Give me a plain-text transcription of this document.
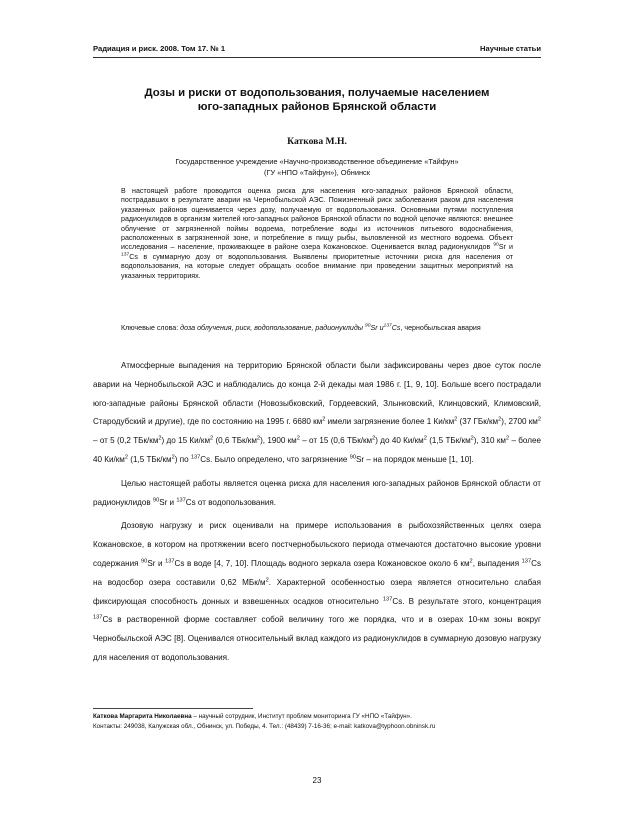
Радиация и риск. 2008. Том 17. № 1	Научные статьи
Дозы и риски от водопользования, получаемые населением
юго-западных районов Брянской области
Каткова М.Н.
Государственное учреждение «Научно-производственное объединение «Тайфун»
(ГУ «НПО «Тайфун»), Обнинск

В настоящей работе проводится оценка риска для населения юго-западных районов Брянской области, пострадавших в результате аварии на Чернобыльской АЭС. Пожизненный риск заболевания раком для населения указанных районов оценивается через дозу, получаемую от водопользования. Основными путями поступления радионуклидов в организм жителей юго-западных районов Брянской области по водной цепочке являются: внешнее облучение от загрязненной поймы водоема, потребление воды из источников питьевого водоснабжения, расположенных в загрязненной зоне, и потребление в пищу рыбы, выловленной из местного водоема. Объект исследования – население, проживающее в районе озера Кожановское. Оценивается вклад радионуклидов $^{90}$Sr и $^{137}$Cs в суммарную дозу от водопользования. Выявлены приоритетные источники риска для населения от водопользования, на которые следует обращать особое внимание при проведении защитных мероприятий на указанных территориях.

Ключевые слова: доза облучения, риск, водопользование, радионуклиды $^{90}$Sr $и^{137}Cs$, чернобыльская авария

Атмосферные выпадения на территорию Брянской области были зафиксированы через двое суток после аварии на Чернобыльской АЭС и наблюдались до конца 2-й декады мая 1986 г. [1, 9, 10]. Больше всего пострадали юго-западные районы Брянской области (Новозыбковский, Гордеевский, Злынковский, Клинцовский, Климовский, Стародубский и другие), где по состоянию на 1995 г. 6680 $км^2$ имели загрязнение более 1 $Ки/км^2$ (37 ГБк/$км^2$), 2700 $км^2$ – от 5 (0,2 ТБк/$км^2$) до 15 $Ки/км^2$ (0,6 ТБк/$км^2$), 1900 $км^2$ – от 15 (0,6 ТБк/$км^2$) до 40 $Ки/км^2$ (1,5 ТБк/$км^2$), 310 $км^2$ – более 40 $Ки/км^2$ (1,5 ТБк/$км^2$) по $^{137}$Cs. Было определено, что загрязнение $^{90}$Sr – на порядок меньше [1, 10].

Целью настоящей работы является оценка риска для населения юго-западных районов Брянской области от радионуклидов $^{90}$Sr и $^{137}$Cs от водопользования.

Дозовую нагрузку и риск оценивали на примере использования в рыбохозяйственных целях озера Кожановское, в котором на протяжении всего постчернобыльского периода отмечаются достаточно высокие уровни содержания $^{90}$Sr и $^{137}$Cs в воде [4, 7, 10]. Площадь водного зеркала озера Кожановское около 6 $км^2$, выпадения $^{137}$Cs на водосбор озера составили 0,62 МБк/$м^2$. Характерной особенностью озера является относительно слабая фиксирующая способность донных и взвешенных осадков относительно $^{137}$Cs. В результате этого, концентрация $^{137}$Cs в растворенной форме составляет собой величину того же порядка, что и в озерах 10-км зоны вокруг Чернобыльской АЭС [8]. Оценивался относительный вклад каждого из радионуклидов в суммарную дозовую нагрузку для населения от водопользования.

Каткова Маргарита Николаевна – научный сотрудник, Институт проблем мониторинга ГУ «НПО «Тайфун».
Контакты: 249038, Калужская обл., Обнинск, ул. Победы, 4. Тел.: (48439) 7-16-36; e-mail: katkova@typhoon.obninsk.ru
23
